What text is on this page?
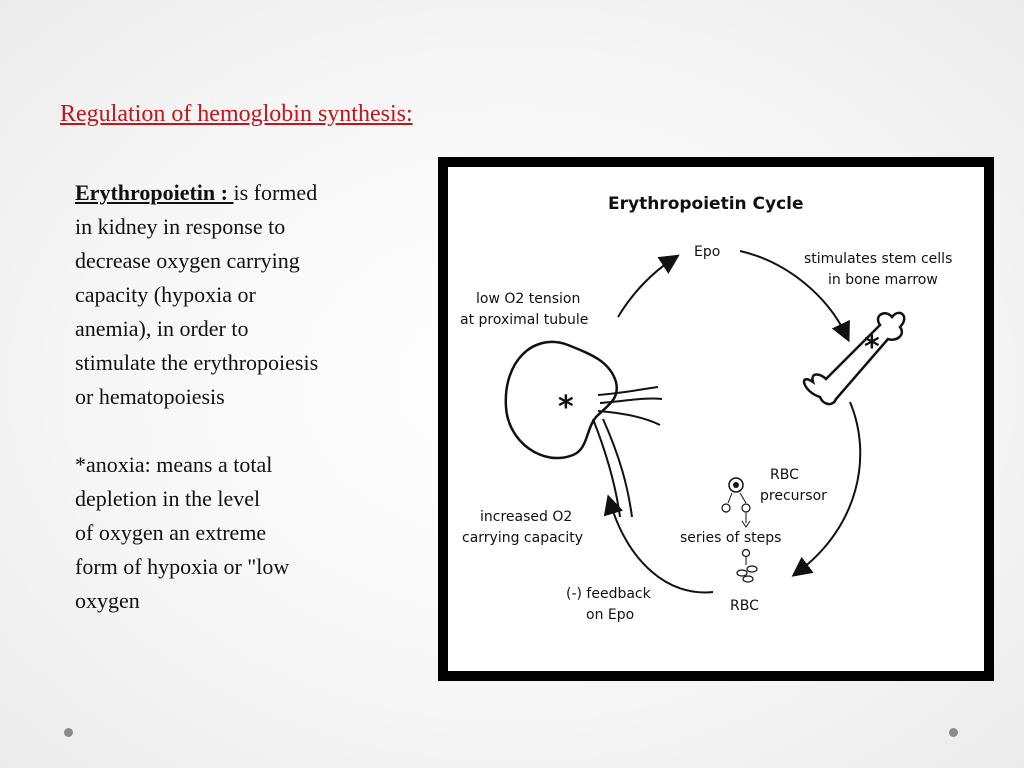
Regulation of hemoglobin synthesis:

Erythropoietin : is formed

in kidney in response to

decrease oxygen carrying

capacity (hypoxia or

anemia), in order to

stimulate the erythropoiesis

or hematopoiesis

*anoxia: means a total

depletion in the level

of oxygen an extreme

form of hypoxia or "low

oxygen

Erythropoietin Cycle
Epo	stimulates stem cells
in bone marrow
low O2 tension
at proximal tubule
RBC
precursor
series of steps
increased O2
carrying capacity
(-) feedback
on Epo
RBC
*
*
